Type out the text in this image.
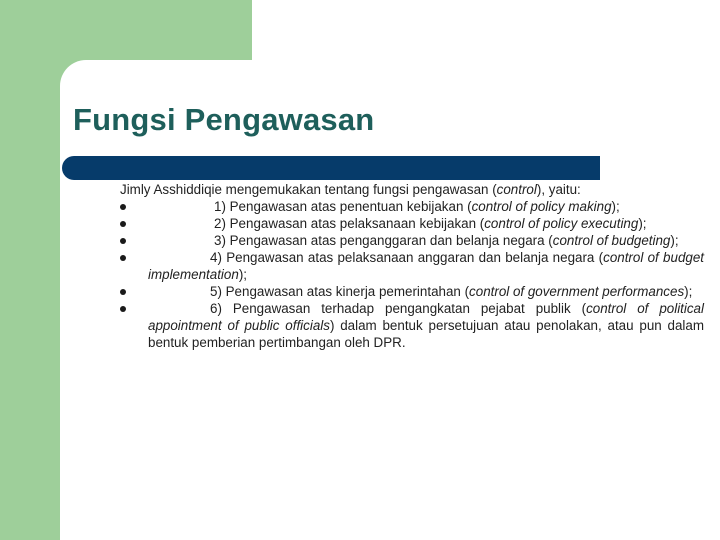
Fungsi Pengawasan
Jimly Asshiddiqie mengemukakan tentang fungsi pengawasan (control), yaitu:
1) Pengawasan atas penentuan kebijakan (control of policy making);
2) Pengawasan atas pelaksanaan kebijakan (control of policy executing);
3) Pengawasan atas penganggaran dan belanja negara (control of budgeting);
4) Pengawasan atas pelaksanaan anggaran dan belanja negara (control of budget implementation);
5) Pengawasan atas kinerja pemerintahan (control of government performances);
6) Pengawasan terhadap pengangkatan pejabat publik (control of political appointment of public officials) dalam bentuk persetujuan atau penolakan, atau pun dalam bentuk pemberian pertimbangan oleh DPR.
